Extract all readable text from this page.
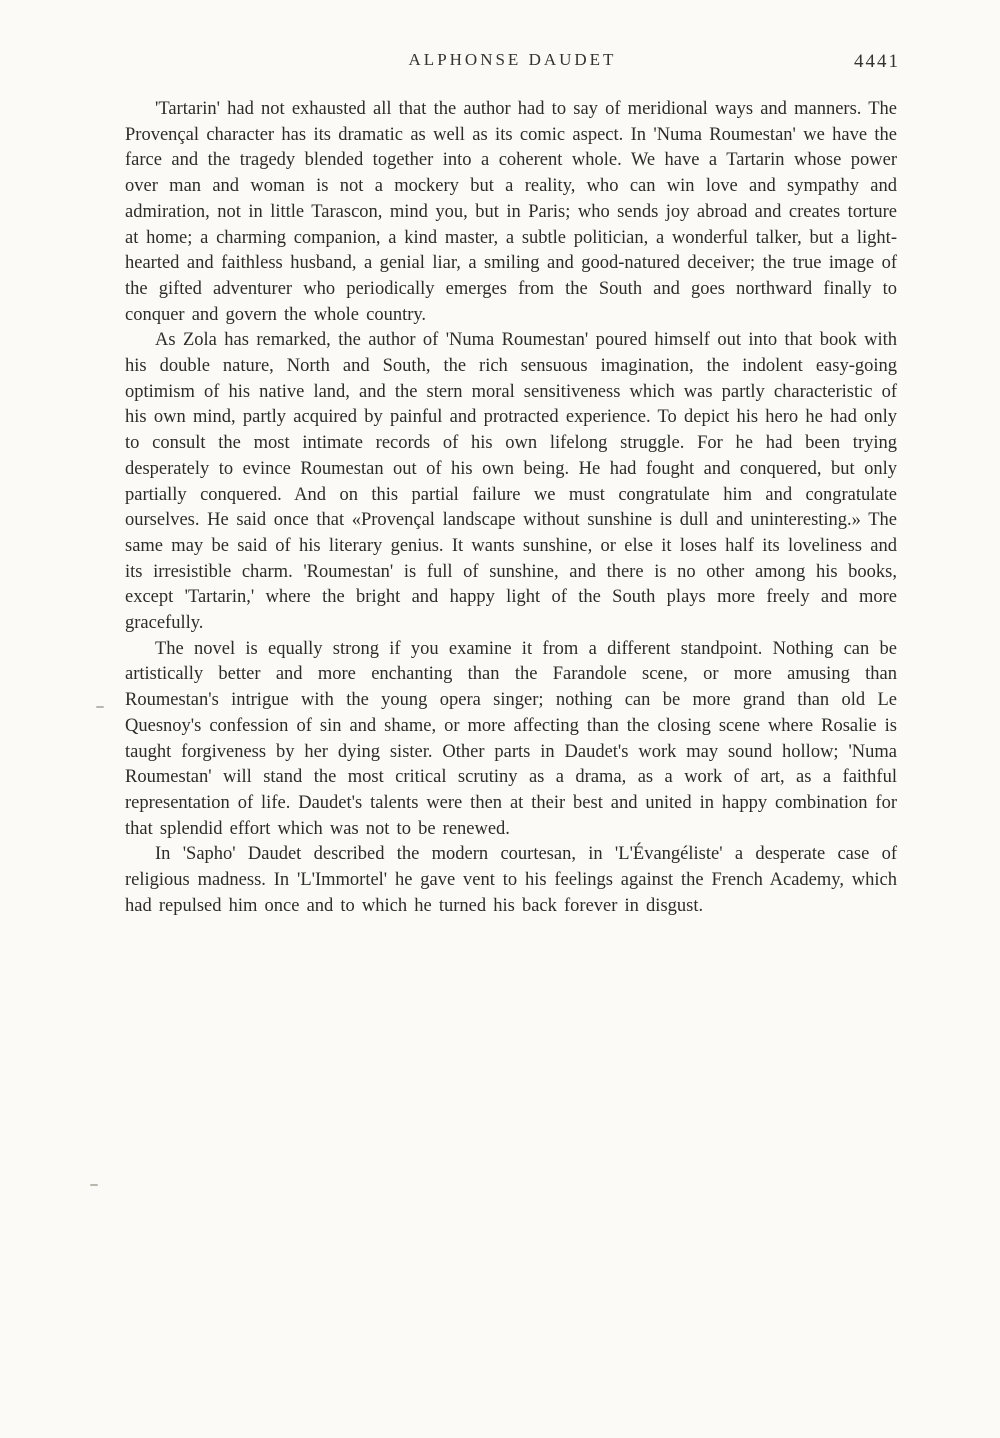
ALPHONSE DAUDET	4441

'Tartarin' had not exhausted all that the author had to say of meridional ways and manners. The Provençal character has its dramatic as well as its comic aspect. In 'Numa Roumestan' we have the farce and the tragedy blended together into a coherent whole. We have a Tartarin whose power over man and woman is not a mockery but a reality, who can win love and sympathy and admiration, not in little Tarascon, mind you, but in Paris; who sends joy abroad and creates torture at home; a charming companion, a kind master, a subtle politician, a wonderful talker, but a light-hearted and faithless husband, a genial liar, a smiling and good-natured deceiver; the true image of the gifted adventurer who periodically emerges from the South and goes northward finally to conquer and govern the whole country.

As Zola has remarked, the author of 'Numa Roumestan' poured himself out into that book with his double nature, North and South, the rich sensuous imagination, the indolent easy-going optimism of his native land, and the stern moral sensitiveness which was partly characteristic of his own mind, partly acquired by painful and protracted experience. To depict his hero he had only to consult the most intimate records of his own lifelong struggle. For he had been trying desperately to evince Roumestan out of his own being. He had fought and conquered, but only partially conquered. And on this partial failure we must congratulate him and congratulate ourselves. He said once that «Provençal landscape without sunshine is dull and uninteresting.» The same may be said of his literary genius. It wants sunshine, or else it loses half its loveliness and its irresistible charm. 'Roumestan' is full of sunshine, and there is no other among his books, except 'Tartarin,' where the bright and happy light of the South plays more freely and more gracefully.

The novel is equally strong if you examine it from a different standpoint. Nothing can be artistically better and more enchanting than the Farandole scene, or more amusing than Roumestan's intrigue with the young opera singer; nothing can be more grand than old Le Quesnoy's confession of sin and shame, or more affecting than the closing scene where Rosalie is taught forgiveness by her dying sister. Other parts in Daudet's work may sound hollow; 'Numa Roumestan' will stand the most critical scrutiny as a drama, as a work of art, as a faithful representation of life. Daudet's talents were then at their best and united in happy combination for that splendid effort which was not to be renewed.

In 'Sapho' Daudet described the modern courtesan, in 'L'Évangéliste' a desperate case of religious madness. In 'L'Immortel' he gave vent to his feelings against the French Academy, which had repulsed him once and to which he turned his back forever in disgust.
